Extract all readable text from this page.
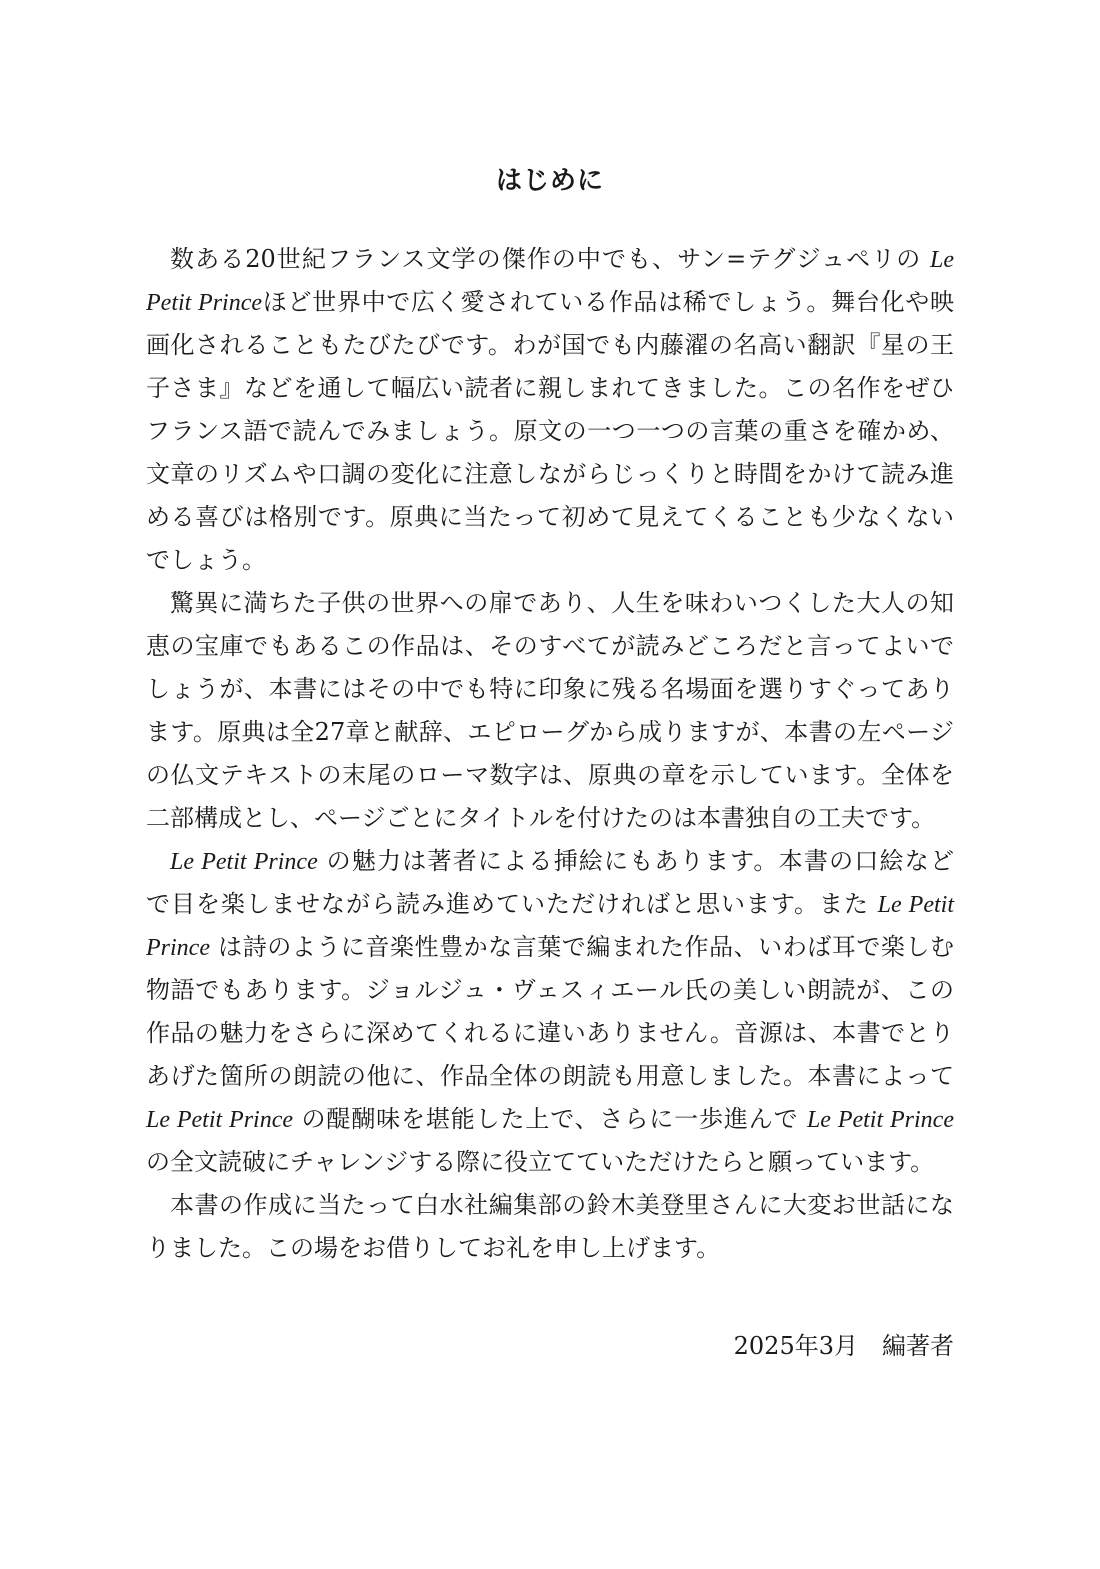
はじめに
数ある20世紀フランス文学の傑作の中でも、サン=テグジュペリの Le
Petit Princeほど世界中で広く愛されている作品は稀でしょう。舞台化や映
画化されることもたびたびです。わが国でも内藤濯の名高い翻訳『星の王
子さま』などを通して幅広い読者に親しまれてきました。この名作をぜひ
フランス語で読んでみましょう。原文の一つ一つの言葉の重さを確かめ、
文章のリズムや口調の変化に注意しながらじっくりと時間をかけて読み進
める喜びは格別です。原典に当たって初めて見えてくることも少なくない
でしょう。
驚異に満ちた子供の世界への扉であり、人生を味わいつくした大人の知
恵の宝庫でもあるこの作品は、そのすべてが読みどころだと言ってよいで
しょうが、本書にはその中でも特に印象に残る名場面を選りすぐってあり
ます。原典は全27章と献辞、エピローグから成りますが、本書の左ページ
の仏文テキストの末尾のローマ数字は、原典の章を示しています。全体を
二部構成とし、ページごとにタイトルを付けたのは本書独自の工夫です。
Le Petit Prince の魅力は著者による挿絵にもあります。本書の口絵など
で目を楽しませながら読み進めていただければと思います。また Le Petit
Prince は詩のように音楽性豊かな言葉で編まれた作品、いわば耳で楽しむ
物語でもあります。ジョルジュ・ヴェスィエール氏の美しい朗読が、この
作品の魅力をさらに深めてくれるに違いありません。音源は、本書でとり
あげた箇所の朗読の他に、作品全体の朗読も用意しました。本書によって
Le Petit Prince の醍醐味を堪能した上で、さらに一歩進んで Le Petit Prince
の全文読破にチャレンジする際に役立てていただけたらと願っています。
本書の作成に当たって白水社編集部の鈴木美登里さんに大変お世話にな
りました。この場をお借りしてお礼を申し上げます。
2025年3月 編著者
